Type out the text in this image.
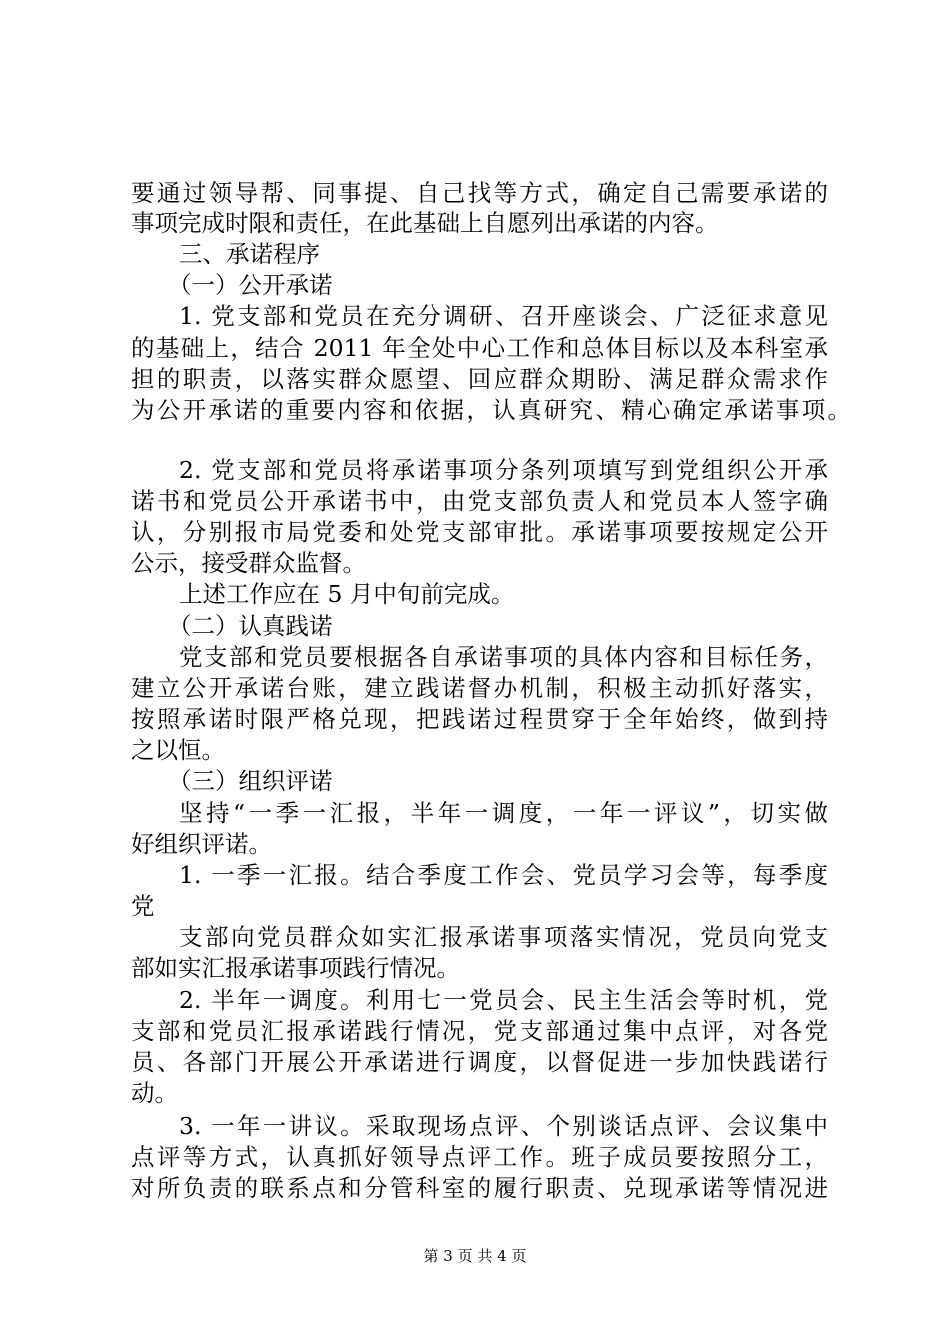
要通过领导帮、同事提、自己找等方式，确定自己需要承诺的
事项完成时限和责任，在此基础上自愿列出承诺的内容。
三、承诺程序
（一）公开承诺
1. 党支部和党员在充分调研、召开座谈会、广泛征求意见
的基础上，结合 2011 年全处中心工作和总体目标以及本科室承
担的职责，以落实群众愿望、回应群众期盼、满足群众需求作
为公开承诺的重要内容和依据，认真研究、精心确定承诺事项。
2. 党支部和党员将承诺事项分条列项填写到党组织公开承
诺书和党员公开承诺书中，由党支部负责人和党员本人签字确
认，分别报市局党委和处党支部审批。承诺事项要按规定公开
公示，接受群众监督。
上述工作应在 5 月中旬前完成。
（二）认真践诺
党支部和党员要根据各自承诺事项的具体内容和目标任务，
建立公开承诺台账，建立践诺督办机制，积极主动抓好落实，
按照承诺时限严格兑现，把践诺过程贯穿于全年始终，做到持
之以恒。
（三）组织评诺
坚持“一季一汇报，半年一调度，一年一评议”，切实做
好组织评诺。
1. 一季一汇报。结合季度工作会、党员学习会等，每季度
党
支部向党员群众如实汇报承诺事项落实情况，党员向党支
部如实汇报承诺事项践行情况。
2. 半年一调度。利用七一党员会、民主生活会等时机，党
支部和党员汇报承诺践行情况，党支部通过集中点评，对各党
员、各部门开展公开承诺进行调度，以督促进一步加快践诺行
动。
3. 一年一讲议。采取现场点评、个别谈话点评、会议集中
点评等方式，认真抓好领导点评工作。班子成员要按照分工，
对所负责的联系点和分管科室的履行职责、兑现承诺等情况进
第 3 页 共 4 页
